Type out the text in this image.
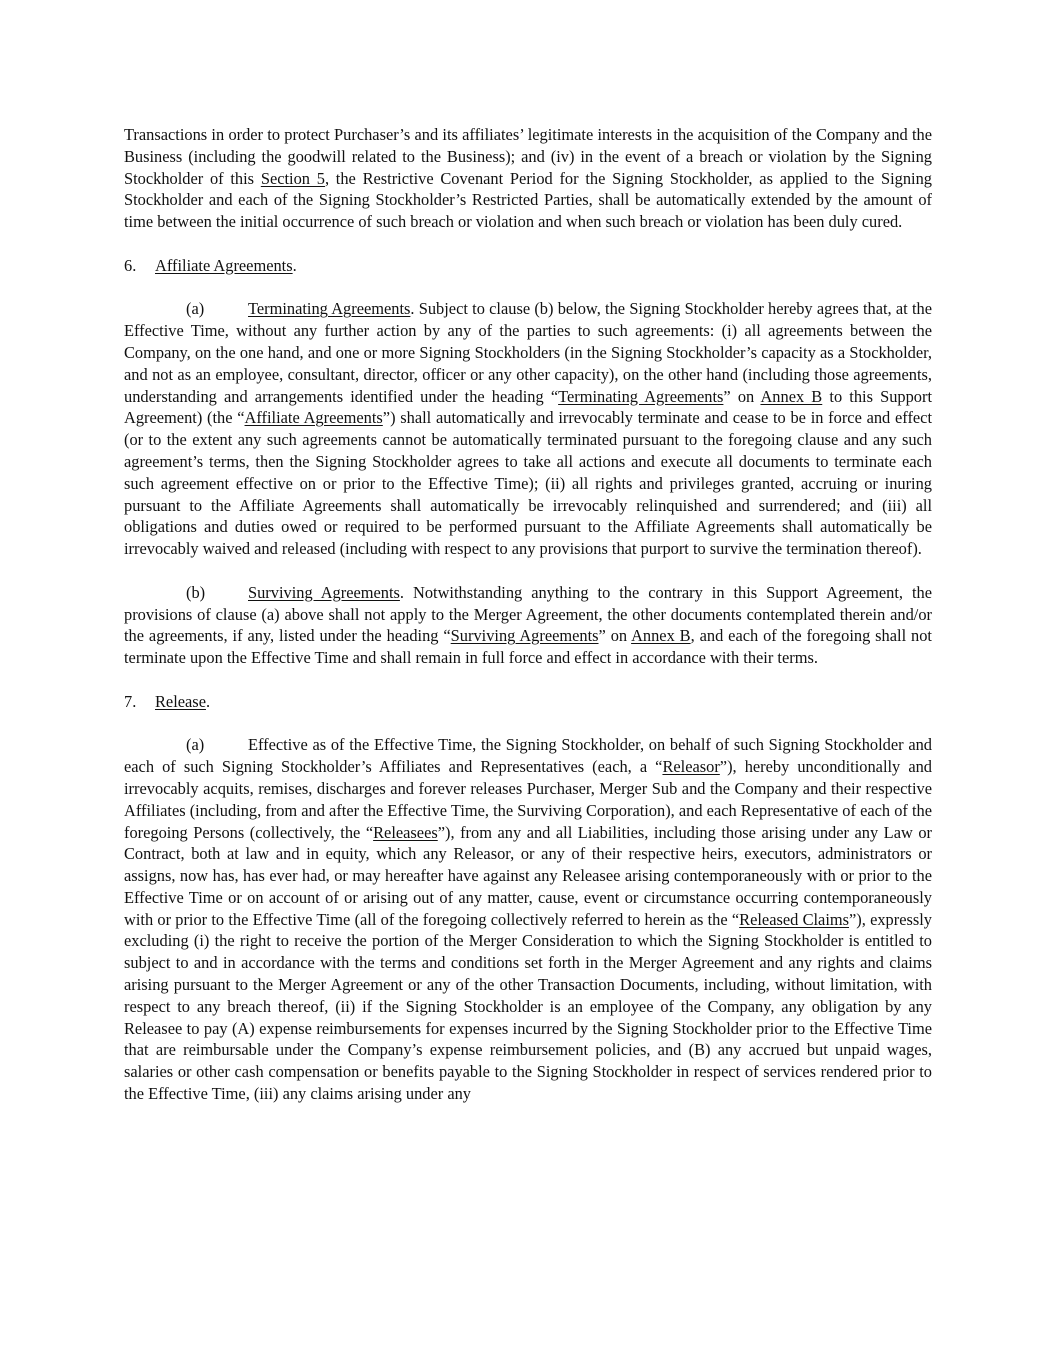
Transactions in order to protect Purchaser’s and its affiliates’ legitimate interests in the acquisition of the Company and the Business (including the goodwill related to the Business); and (iv) in the event of a breach or violation by the Signing Stockholder of this Section 5, the Restrictive Covenant Period for the Signing Stockholder, as applied to the Signing Stockholder and each of the Signing Stockholder’s Restricted Parties, shall be automatically extended by the amount of time between the initial occurrence of such breach or violation and when such breach or violation has been duly cured.

6. Affiliate Agreements.

(a)	Terminating Agreements. Subject to clause (b) below, the Signing Stockholder hereby agrees that, at the Effective Time, without any further action by any of the parties to such agreements: (i) all agreements between the Company, on the one hand, and one or more Signing Stockholders (in the Signing Stockholder’s capacity as a Stockholder, and not as an employee, consultant, director, officer or any other capacity), on the other hand (including those agreements, understanding and arrangements identified under the heading “Terminating Agreements” on Annex B to this Support Agreement) (the “Affiliate Agreements”) shall automatically and irrevocably terminate and cease to be in force and effect (or to the extent any such agreements cannot be automatically terminated pursuant to the foregoing clause and any such agreement’s terms, then the Signing Stockholder agrees to take all actions and execute all documents to terminate each such agreement effective on or prior to the Effective Time); (ii) all rights and privileges granted, accruing or inuring pursuant to the Affiliate Agreements shall automatically be irrevocably relinquished and surrendered; and (iii) all obligations and duties owed or required to be performed pursuant to the Affiliate Agreements shall automatically be irrevocably waived and released (including with respect to any provisions that purport to survive the termination thereof).

(b)	Surviving Agreements. Notwithstanding anything to the contrary in this Support Agreement, the provisions of clause (a) above shall not apply to the Merger Agreement, the other documents contemplated therein and/or the agreements, if any, listed under the heading “Surviving Agreements” on Annex B, and each of the foregoing shall not terminate upon the Effective Time and shall remain in full force and effect in accordance with their terms.

7. Release.

(a)	Effective as of the Effective Time, the Signing Stockholder, on behalf of such Signing Stockholder and each of such Signing Stockholder’s Affiliates and Representatives (each, a “Releasor”), hereby unconditionally and irrevocably acquits, remises, discharges and forever releases Purchaser, Merger Sub and the Company and their respective Affiliates (including, from and after the Effective Time, the Surviving Corporation), and each Representative of each of the foregoing Persons (collectively, the “Releasees”), from any and all Liabilities, including those arising under any Law or Contract, both at law and in equity, which any Releasor, or any of their respective heirs, executors, administrators or assigns, now has, has ever had, or may hereafter have against any Releasee arising contemporaneously with or prior to the Effective Time or on account of or arising out of any matter, cause, event or circumstance occurring contemporaneously with or prior to the Effective Time (all of the foregoing collectively referred to herein as the “Released Claims”), expressly excluding (i) the right to receive the portion of the Merger Consideration to which the Signing Stockholder is entitled to subject to and in accordance with the terms and conditions set forth in the Merger Agreement and any rights and claims arising pursuant to the Merger Agreement or any of the other Transaction Documents, including, without limitation, with respect to any breach thereof, (ii) if the Signing Stockholder is an employee of the Company, any obligation by any Releasee to pay (A) expense reimbursements for expenses incurred by the Signing Stockholder prior to the Effective Time that are reimbursable under the Company’s expense reimbursement policies, and (B) any accrued but unpaid wages, salaries or other cash compensation or benefits payable to the Signing Stockholder in respect of services rendered prior to the Effective Time, (iii) any claims arising under any
